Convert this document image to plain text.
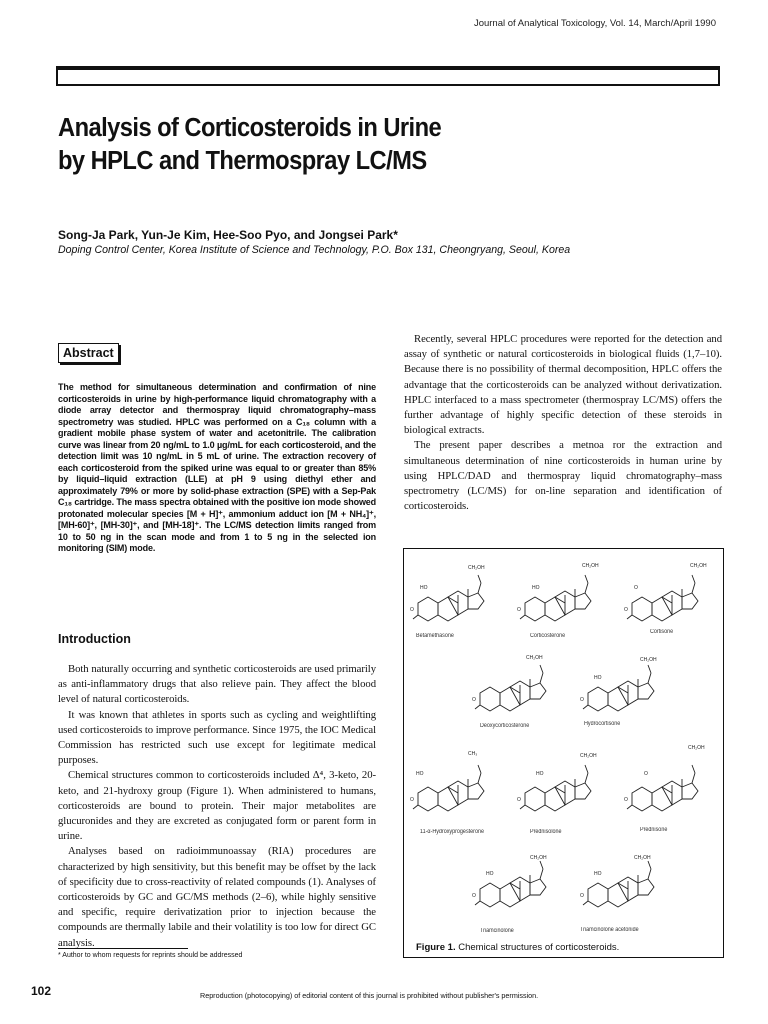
Journal of Analytical Toxicology, Vol. 14, March/April 1990
Analysis of Corticosteroids in Urine
by HPLC and Thermospray LC/MS
Song-Ja Park, Yun-Je Kim, Hee-Soo Pyo, and Jongsei Park*
Doping Control Center, Korea Institute of Science and Technology, P.O. Box 131, Cheongryang, Seoul, Korea
Abstract
The method for simultaneous determination and confirmation of nine corticosteroids in urine by high-performance liquid chromatography with a diode array detector and thermospray liquid chromatography–mass spectrometry was studied. HPLC was performed on a C₁₈ column with a gradient mobile phase system of water and acetonitrile. The calibration curve was linear from 20 ng/mL to 1.0 µg/mL for each corticosteroid, and the detection limit was 10 ng/mL in 5 mL of urine. The extraction recovery of each corticosteroid from the spiked urine was equal to or greater than 85% by liquid–liquid extraction (LLE) at pH 9 using diethyl ether and approximately 79% or more by solid-phase extraction (SPE) with a Sep-Pak C₁₈ cartridge. The mass spectra obtained with the positive ion mode showed protonated molecular species [M + H]⁺, ammonium adduct ion [M + NH₄]⁺, [MH-60]⁺, [MH-30]⁺, and [MH-18]⁺. The LC/MS detection limits ranged from 10 to 50 ng in the scan mode and from 1 to 5 ng in the selected ion monitoring (SIM) mode.
Introduction

Both naturally occurring and synthetic corticosteroids are used primarily as anti-inflammatory drugs that also relieve pain. They affect the blood level of natural corticosteroids.

It was known that athletes in sports such as cycling and weightlifting used corticosteroids to improve performance. Since 1975, the IOC Medical Commission has restricted such use except for legitimate medical purposes.

Chemical structures common to corticosteroids included Δ⁴, 3-keto, 20-keto, and 21-hydroxy group (Figure 1). When administered to humans, corticosteroids are bound to protein. Their major metabolites are glucuronides and they are excreted as conjugated form or parent form in urine.

Analyses based on radioimmunoassay (RIA) procedures are characterized by high sensitivity, but this benefit may be offset by the lack of specificity due to cross-reactivity of related compounds (1). Analyses of corticosteroids by GC and GC/MS methods (2–6), while highly sensitive and specific, require derivatization prior to injection because the compounds are thermally labile and their volatility is too low for direct GC analysis.

Recently, several HPLC procedures were reported for the detection and assay of synthetic or natural corticosteroids in biological fluids (1,7–10). Because there is no possibility of thermal decomposition, HPLC offers the advantage that the corticosteroids can be analyzed without derivatization. HPLC interfaced to a mass spectrometer (thermospray LC/MS) offers the further advantage of highly specific detection of these steroids in biological extracts.

The present paper describes a metnoa ror the extraction and simultaneous determination of nine corticosteroids in human urine by using HPLC/DAD and thermospray liquid chromatography–mass spectrometry (LC/MS) for on-line separation and identification of corticosteroids.

O
HO
CH₂OH
O
HO
CH₂OH
O
O
CH₂OH
O
CH₂OH
O
HO
CH₂OH
O
HO
CH₃
O
HO
CH₂OH
O
O
CH₂OH
O
HO
CH₂OH
O
HO
CH₂OH
Betamethasone	Corticosterone
Cortisone
Deoxycorticosterone	Hydrocortisone
11-α-Hydroxyprogesterone	Prednisolone	Prednisone
Triamcinolone	Triamcinolone acetonide
Figure 1. Chemical structures of corticosteroids.
* Author to whom requests for reprints should be addressed
102	Reproduction (photocopying) of editorial content of this journal is prohibited without publisher's permission.
